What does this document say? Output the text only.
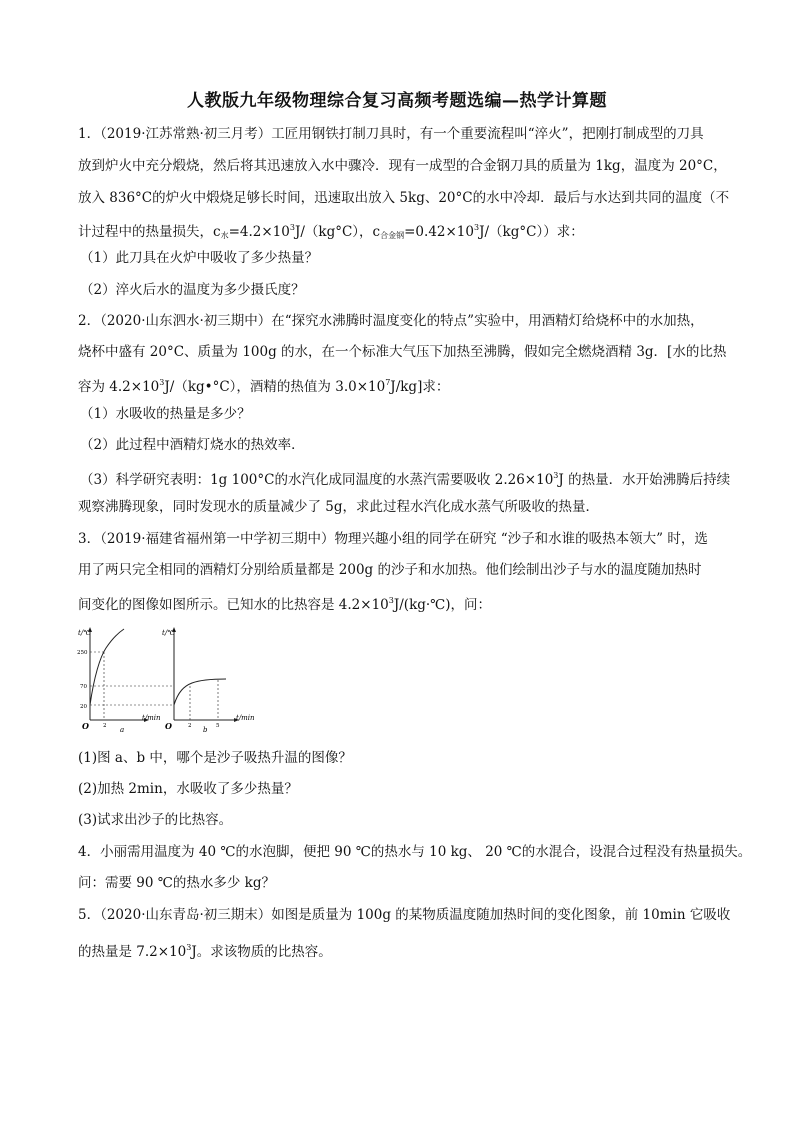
人教版九年级物理综合复习高频考题选编—热学计算题
1．（2019·江苏常熟·初三月考）工匠用钢铁打制刀具时，有一个重要流程叫“淬火”，把刚打制成型的刀具
放到炉火中充分煅烧，然后将其迅速放入水中骤冷．现有一成型的合金钢刀具的质量为 1kg，温度为 20°C，
放入 836°C的炉火中煅烧足够长时间，迅速取出放入 5kg、20°C的水中冷却．最后与水达到共同的温度（不
计过程中的热量损失，$c_水=4.2\times 10^3J/(kg^\circ C)$，$c_{合金钢}=0.42\times 10^3J/(kg^\circ C)$）求：
（1）此刀具在火炉中吸收了多少热量？
（2）淬火后水的温度为多少摄氏度？
2．（2020·山东泗水·初三期中）在“探究水沸腾时温度变化的特点”实验中，用酒精灯给烧杯中的水加热，
烧杯中盛有 20°C、质量为 100g 的水，在一个标准大气压下加热至沸腾，假如完全燃烧酒精 3g．[水的比热
容为 $4.2\times 10^3J/(kg•^\circ C)$，酒精的热值为 $3.0\times 10^7J/kg$]求：
（1）水吸收的热量是多少？
（2）此过程中酒精灯烧水的热效率．
（3）科学研究表明：1g 100°C的水汽化成同温度的水蒸汽需要吸收 $2.26\times 10^3J$ 的热量．水开始沸腾后持续
观察沸腾现象，同时发现水的质量减少了 5g，求此过程水汽化成水蒸气所吸收的热量．
3．（2019·福建省福州第一中学初三期中）物理兴趣小组的同学在研究 “沙子和水谁的吸热本领大” 时，选
用了两只完全相同的酒精灯分别给质量都是 200g 的沙子和水加热。他们绘制出沙子与水的温度随加热时
间变化的图像如图所示。已知水的比热容是 $4.2\times 10^3J/(kg\cdot℃)$，问：
t/℃
t/min
O
250
70
20
2 a
t/℃
t/min
O	2	5
b
(1)图 a、b 中，哪个是沙子吸热升温的图像？
(2)加热 2min，水吸收了多少热量？
(3)试求出沙子的比热容。
4．小丽需用温度为 40 ℃的水泡脚，便把 90 ℃的热水与 10 kg、 20 ℃的水混合，设混合过程没有热量损失。
问：需要 90 ℃的热水多少 kg？
5．（2020·山东青岛·初三期末）如图是质量为 100g 的某物质温度随加热时间的变化图象，前 10min 它吸收
的热量是 $7.2\times 10^3J$。求该物质的比热容。
